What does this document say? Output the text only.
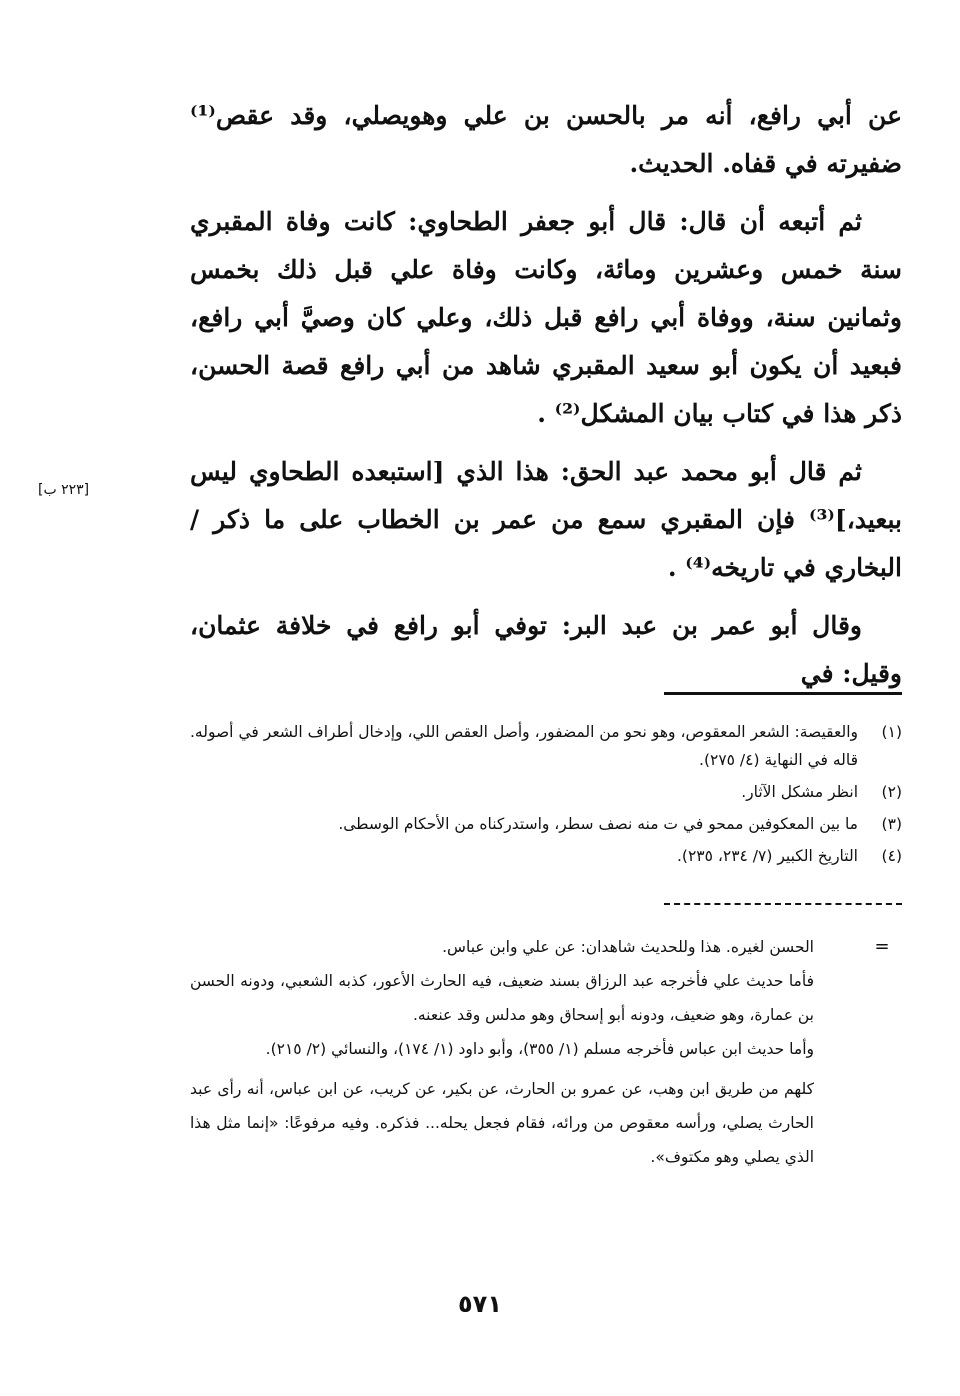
عن أبي رافع، أنه مر بالحسن بن علي وهويصلي، وقد عقص⁽¹⁾ ضفيرته في قفاه. الحديث.

ثم أتبعه أن قال: قال أبو جعفر الطحاوي: كانت وفاة المقبري سنة خمس وعشرين ومائة، وكانت وفاة علي قبل ذلك بخمس وثمانين سنة، ووفاة أبي رافع قبل ذلك، وعلي كان وصيَّ أبي رافع، فبعيد أن يكون أبو سعيد المقبري شاهد من أبي رافع قصة الحسن، ذكر هذا في كتاب بيان المشكل⁽²⁾ .

ثم قال أبو محمد عبد الحق: هذا الذي [استبعده الطحاوي ليس ببعيد،]⁽³⁾ فإن المقبري سمع من عمر بن الخطاب على ما ذكر / البخاري في تاريخه⁽⁴⁾ .

وقال أبو عمر بن عبد البر: توفي أبو رافع في خلافة عثمان، وقيل: في

[٢٢٣ ب]
(١)
والعقيصة: الشعر المعقوص، وهو نحو من المضفور، وأصل العقص اللي، وإدخال أطراف الشعر في أصوله. قاله في النهاية (٤/ ٢٧٥).
(٢)
انظر مشكل الآثار.
(٣)
ما بين المعكوفين ممحو في ت منه نصف سطر، واستدركناه من الأحكام الوسطى.
(٤)
التاريخ الكبير (٧/ ٢٣٤، ٢٣٥).
=

الحسن لغيره. هذا وللحديث شاهدان: عن علي وابن عباس.

فأما حديث علي فأخرجه عبد الرزاق بسند ضعيف، فيه الحارث الأعور، كذبه الشعبي، ودونه الحسن بن عمارة، وهو ضعيف، ودونه أبو إسحاق وهو مدلس وقد عنعنه.

وأما حديث ابن عباس فأخرجه مسلم (١/ ٣٥٥)، وأبو داود (١/ ١٧٤)، والنسائي (٢/ ٢١٥).

كلهم من طريق ابن وهب، عن عمرو بن الحارث، عن بكير، عن كريب، عن ابن عباس، أنه رأى عبد الحارث يصلي، ورأسه معقوص من ورائه، فقام فجعل يحله... فذكره. وفيه مرفوعًا: «إنما مثل هذا الذي يصلي وهو مكتوف».

٥٧١
